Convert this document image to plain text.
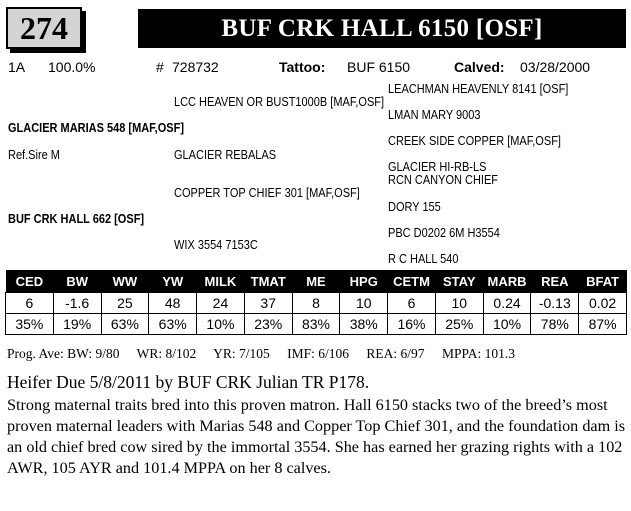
274	BUF CRK HALL 6150 [OSF]
1A 100.0%	# 728732	Tattoo: BUF 6150	Calved: 03/28/2000
LEACHMAN HEAVENLY 8141 [OSF]
LCC HEAVEN OR BUST1000B [MAF,OSF]
LMAN MARY 9003
GLACIER MARIAS 548 [MAF,OSF]
CREEK SIDE COPPER [MAF,OSF]
Ref.Sire M	GLACIER REBALAS
GLACIER HI-RB-LS
RCN CANYON CHIEF
COPPER TOP CHIEF 301 [MAF,OSF]
DORY 155
BUF CRK HALL 662 [OSF]
PBC D0202 6M H3554
WIX 3554 7153C
R C HALL 540
CED	BW	WW	YW	MILK	TMAT	ME	HPG	CETM	STAY	MARB	REA	BFAT
6	-1.6	25	48	24	37	8	10	6	10	0.24	-0.13	0.02
35%	19%	63%	63%	10%	23%	83%	38%	16%	25%	10%	78%	87%
Prog. Ave: BW: 9/80 WR: 8/102 YR: 7/105 IMF: 6/106 REA: 6/97 MPPA: 101.3
Heifer Due 5/8/2011 by BUF CRK Julian TR P178.
Strong maternal traits bred into this proven matron. Hall 6150 stacks two of the breed’s most proven maternal leaders with Marias 548 and Copper Top Chief 301, and the foundation dam is an old chief bred cow sired by the immortal 3554. She has earned her grazing rights with a 102 AWR, 105 AYR and 101.4 MPPA on her 8 calves.
